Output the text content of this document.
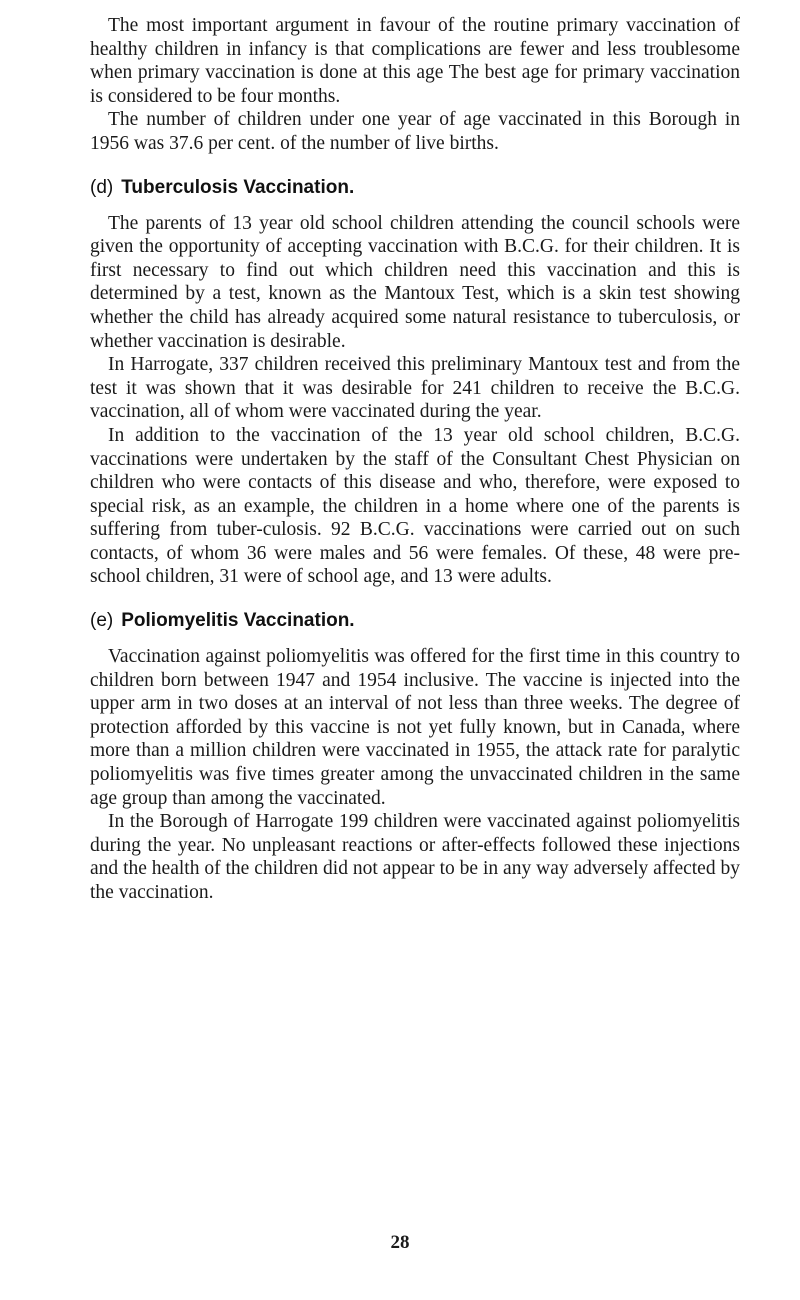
The most important argument in favour of the routine primary vaccination of healthy children in infancy is that complications are fewer and less troublesome when primary vaccination is done at this age The best age for primary vaccination is considered to be four months.

The number of children under one year of age vaccinated in this Borough in 1956 was 37.6 per cent. of the number of live births.

(d) Tuberculosis Vaccination.

The parents of 13 year old school children attending the council schools were given the opportunity of accepting vaccination with B.C.G. for their children. It is first necessary to find out which children need this vaccination and this is determined by a test, known as the Mantoux Test, which is a skin test showing whether the child has already acquired some natural resistance to tuberculosis, or whether vaccination is desirable.

In Harrogate, 337 children received this preliminary Mantoux test and from the test it was shown that it was desirable for 241 children to receive the B.C.G. vaccination, all of whom were vaccinated during the year.

In addition to the vaccination of the 13 year old school children, B.C.G. vaccinations were undertaken by the staff of the Consultant Chest Physician on children who were contacts of this disease and who, therefore, were exposed to special risk, as an example, the children in a home where one of the parents is suffering from tuber-culosis. 92 B.C.G. vaccinations were carried out on such contacts, of whom 36 were males and 56 were females. Of these, 48 were pre-school children, 31 were of school age, and 13 were adults.

(e) Poliomyelitis Vaccination.

Vaccination against poliomyelitis was offered for the first time in this country to children born between 1947 and 1954 inclusive. The vaccine is injected into the upper arm in two doses at an interval of not less than three weeks. The degree of protection afforded by this vaccine is not yet fully known, but in Canada, where more than a million children were vaccinated in 1955, the attack rate for paralytic poliomyelitis was five times greater among the unvaccinated children in the same age group than among the vaccinated.

In the Borough of Harrogate 199 children were vaccinated against poliomyelitis during the year. No unpleasant reactions or after-effects followed these injections and the health of the children did not appear to be in any way adversely affected by the vaccination.

28
